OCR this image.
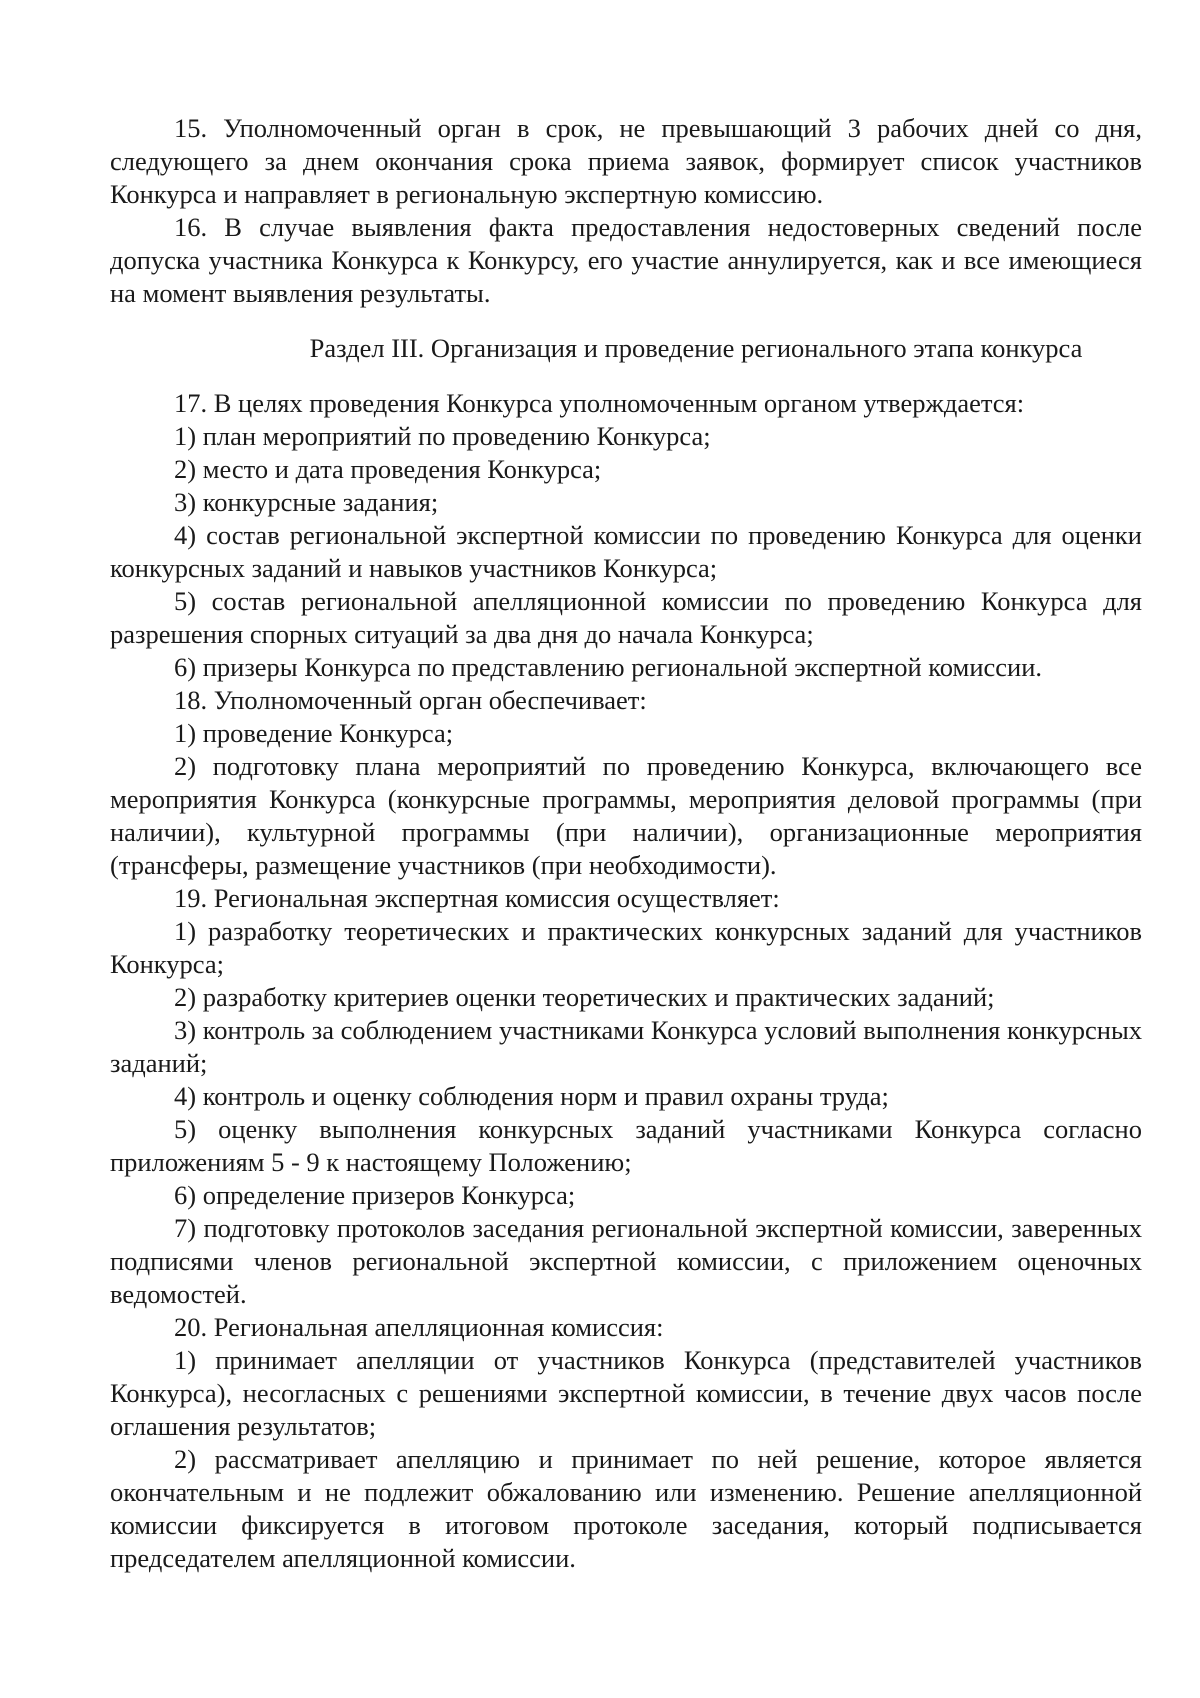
15. Уполномоченный орган в срок, не превышающий 3 рабочих дней со дня, следующего за днем окончания срока приема заявок, формирует список участников Конкурса и направляет в региональную экспертную комиссию.

16. В случае выявления факта предоставления недостоверных сведений после допуска участника Конкурса к Конкурсу, его участие аннулируется, как и все имеющиеся на момент выявления результаты.

Раздел III. Организация и проведение регионального этапа конкурса

17. В целях проведения Конкурса уполномоченным органом утверждается:

1) план мероприятий по проведению Конкурса;

2) место и дата проведения Конкурса;

3) конкурсные задания;

4) состав региональной экспертной комиссии по проведению Конкурса для оценки конкурсных заданий и навыков участников Конкурса;

5) состав региональной апелляционной комиссии по проведению Конкурса для разрешения спорных ситуаций за два дня до начала Конкурса;

6) призеры Конкурса по представлению региональной экспертной комиссии.

18. Уполномоченный орган обеспечивает:

1) проведение Конкурса;

2) подготовку плана мероприятий по проведению Конкурса, включающего все мероприятия Конкурса (конкурсные программы, мероприятия деловой программы (при наличии), культурной программы (при наличии), организационные мероприятия (трансферы, размещение участников (при необходимости).

19. Региональная экспертная комиссия осуществляет:

1) разработку теоретических и практических конкурсных заданий для участников Конкурса;

2) разработку критериев оценки теоретических и практических заданий;

3) контроль за соблюдением участниками Конкурса условий выполнения конкурсных заданий;

4) контроль и оценку соблюдения норм и правил охраны труда;

5) оценку выполнения конкурсных заданий участниками Конкурса согласно приложениям 5 - 9 к настоящему Положению;

6) определение призеров Конкурса;

7) подготовку протоколов заседания региональной экспертной комиссии, заверенных подписями членов региональной экспертной комиссии, с приложением оценочных ведомостей.

20. Региональная апелляционная комиссия:

1) принимает апелляции от участников Конкурса (представителей участников Конкурса), несогласных с решениями экспертной комиссии, в течение двух часов после оглашения результатов;

2) рассматривает апелляцию и принимает по ней решение, которое является окончательным и не подлежит обжалованию или изменению. Решение апелляционной комиссии фиксируется в итоговом протоколе заседания, который подписывается председателем апелляционной комиссии.
